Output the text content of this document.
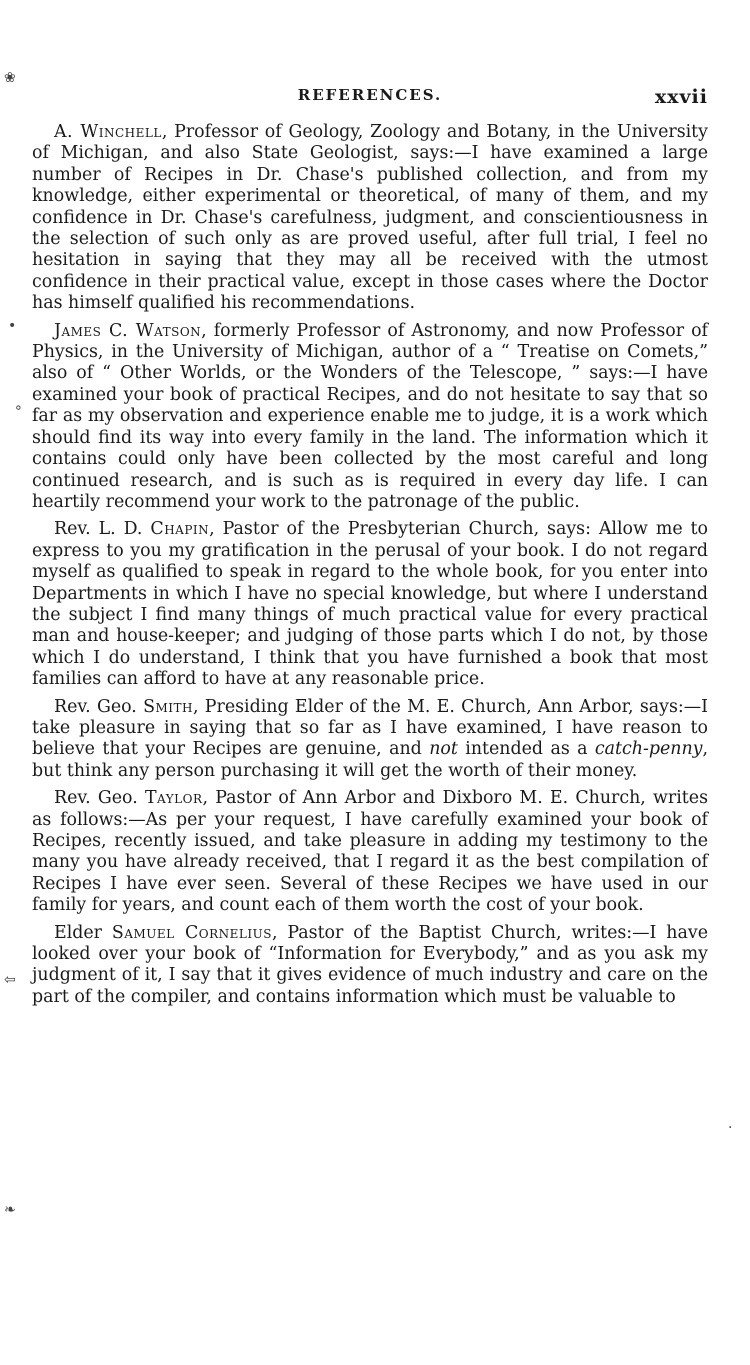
❀
•
∘
⇦
❧
·
REFERENCES.	xxvii

A. Winchell, Professor of Geology, Zoology and Botany, in the University of Michigan, and also State Geologist, says:—I have examined a large number of Recipes in Dr. Chase's published collection, and from my knowledge, either experimental or theoretical, of many of them, and my confidence in Dr. Chase's carefulness, judgment, and conscientiousness in the selection of such only as are proved useful, after full trial, I feel no hesitation in saying that they may all be received with the utmost confidence in their practical value, except in those cases where the Doctor has himself qualified his recommendations.

James C. Watson, formerly Professor of Astronomy, and now Professor of Physics, in the University of Michigan, author of a “ Treatise on Comets,” also of “ Other Worlds, or the Wonders of the Telescope, ” says:—I have examined your book of practical Recipes, and do not hesitate to say that so far as my observation and experience enable me to judge, it is a work which should find its way into every family in the land. The information which it contains could only have been collected by the most careful and long continued research, and is such as is required in every day life. I can heartily recommend your work to the patronage of the public.

Rev. L. D. Chapin, Pastor of the Presbyterian Church, says: Allow me to express to you my gratification in the perusal of your book. I do not regard myself as qualified to speak in regard to the whole book, for you enter into Departments in which I have no special knowledge, but where I understand the subject I find many things of much practical value for every practical man and house-keeper; and judging of those parts which I do not, by those which I do understand, I think that you have furnished a book that most families can afford to have at any reasonable price.

Rev. Geo. Smith, Presiding Elder of the M. E. Church, Ann Arbor, says:—I take pleasure in saying that so far as I have examined, I have reason to believe that your Recipes are genuine, and not intended as a catch-penny, but think any person purchasing it will get the worth of their money.

Rev. Geo. Taylor, Pastor of Ann Arbor and Dixboro M. E. Church, writes as follows:—As per your request, I have carefully examined your book of Recipes, recently issued, and take pleasure in adding my testimony to the many you have already received, that I regard it as the best compilation of Recipes I have ever seen. Several of these Recipes we have used in our family for years, and count each of them worth the cost of your book.

Elder Samuel Cornelius, Pastor of the Baptist Church, writes:—I have looked over your book of “Information for Everybody,” and as you ask my judgment of it, I say that it gives evidence of much industry and care on the part of the compiler, and contains information which must be valuable to
